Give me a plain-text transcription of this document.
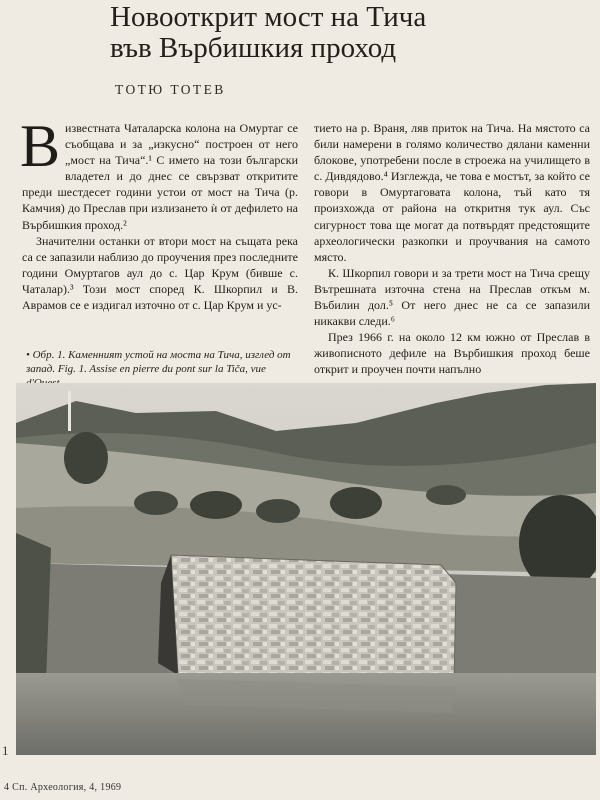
Новооткрит мост на Тича
във Върбишкия проход
ТОТЮ ТОТЕВ

Визвестната Чаталарска колона на Омуртаг се съобщава и за „изкусно“ построен от него „мост на Тича“.¹ С името на този български владетел и до днес се свързват откритите преди шестдесет години устои от мост на Тича (р. Камчия) до Преслав при излизането ѝ от дефилето на Върбишкия проход.²

Значителни останки от втори мост на същата река са се запазили наблизо до проучения през последните години Омуртагов аул до с. Цар Крум (бивше с. Чаталар).³ Този мост според К. Шкорпил и В. Аврамов се е издигал източно от с. Цар Крум и ус-

• Обр. 1. Каменният устой на моста на Тича, изглед от запад. Fig. 1. Assise en pierre du pont sur la Tiča, vue

тието на р. Враня, ляв приток на Тича. На мястото са били намерени в голямо количество дялани каменни блокове, употребени после в строежа на училището в с. Дивдядово.⁴ Изглежда, че това е мостът, за който се говори в Омуртаговата колона, тъй като тя произхожда от района на откритня тук аул. Със сигурност това ще могат да потвърдят предстоящите археологически разкопки и проучвания на самото място.

К. Шкорпил говори и за трети мост на Тича срещу Вътрешната източна стена на Преслав откъм м. Въбилин дол.⁵ От него днес не са се запазили никакви следи.⁶

През 1966 г. на около 12 км южно от Преслав в живописното дефиле на Върбишкия проход беше открит и проучен почти напълно

1
4 Сп. Археология, 4, 1969
